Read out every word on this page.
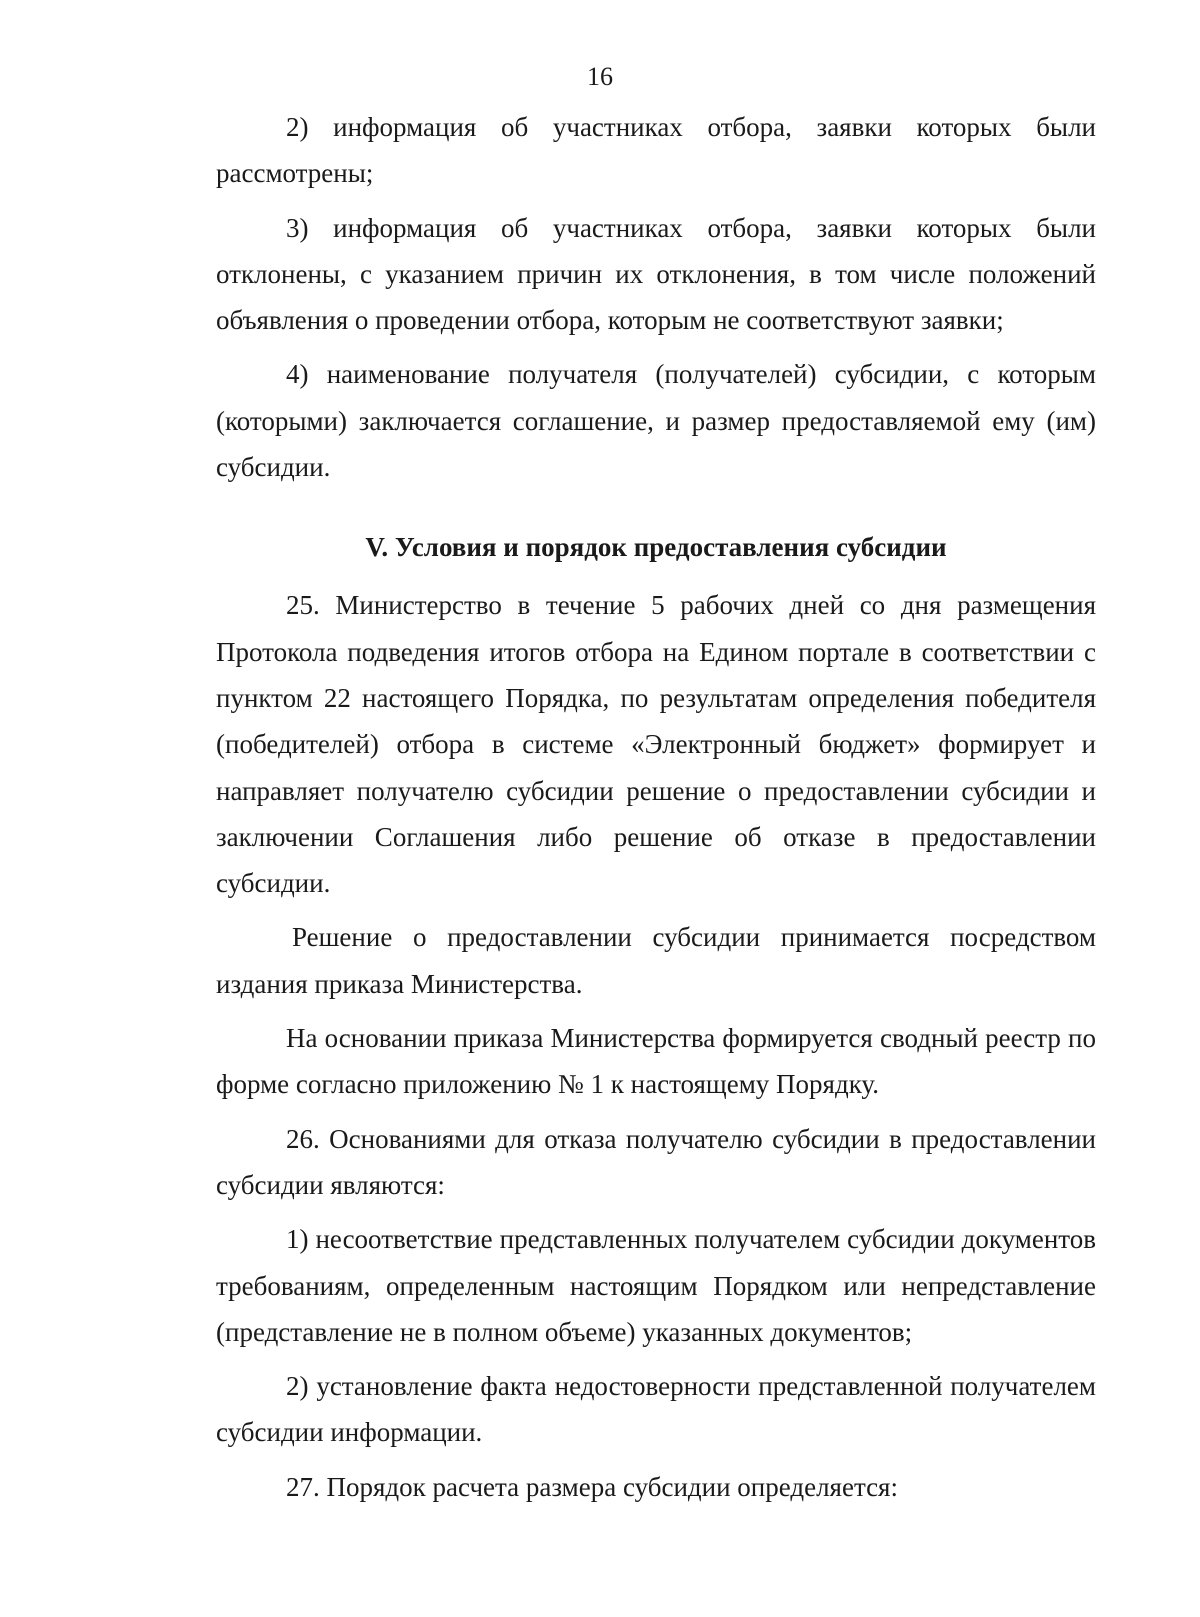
16

2) информация об участниках отбора, заявки которых были рассмотрены;

3) информация об участниках отбора, заявки которых были отклонены, с указанием причин их отклонения, в том числе положений объявления о проведении отбора, которым не соответствуют заявки;

4) наименование получателя (получателей) субсидии, с которым (которыми) заключается соглашение, и размер предоставляемой ему (им) субсидии.

V. Условия и порядок предоставления субсидии

25. Министерство в течение 5 рабочих дней со дня размещения Протокола подведения итогов отбора на Едином портале в соответствии с пунктом 22 настоящего Порядка, по результатам определения победителя (победителей) отбора в системе «Электронный бюджет» формирует и направляет получателю субсидии решение о предоставлении субсидии и заключении Соглашения либо решение об отказе в предоставлении субсидии.

Решение о предоставлении субсидии принимается посредством издания приказа Министерства.

На основании приказа Министерства формируется сводный реестр по форме согласно приложению № 1 к настоящему Порядку.

26. Основаниями для отказа получателю субсидии в предоставлении субсидии являются:

1) несоответствие представленных получателем субсидии документов требованиям, определенным настоящим Порядком или непредставление (представление не в полном объеме) указанных документов;

2) установление факта недостоверности представленной получателем субсидии информации.

27. Порядок расчета размера субсидии определяется:
